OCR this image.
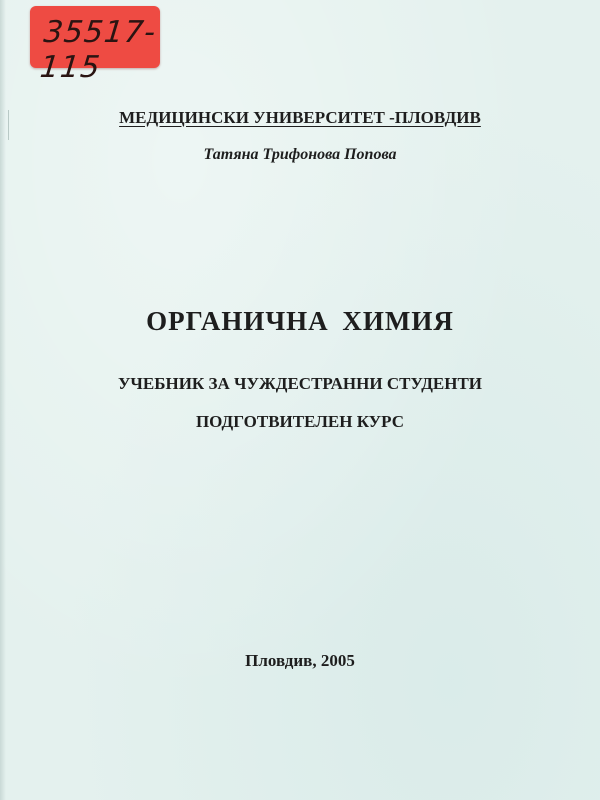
35517-115
МЕДИЦИНСКИ УНИВЕРСИТЕТ -ПЛОВДИВ
Татяна Трифонова Попова
ОРГАНИЧНА ХИМИЯ
УЧЕБНИК ЗА ЧУЖДЕСТРАННИ СТУДЕНТИ
ПОДГОТВИТЕЛЕН КУРС
Пловдив, 2005
